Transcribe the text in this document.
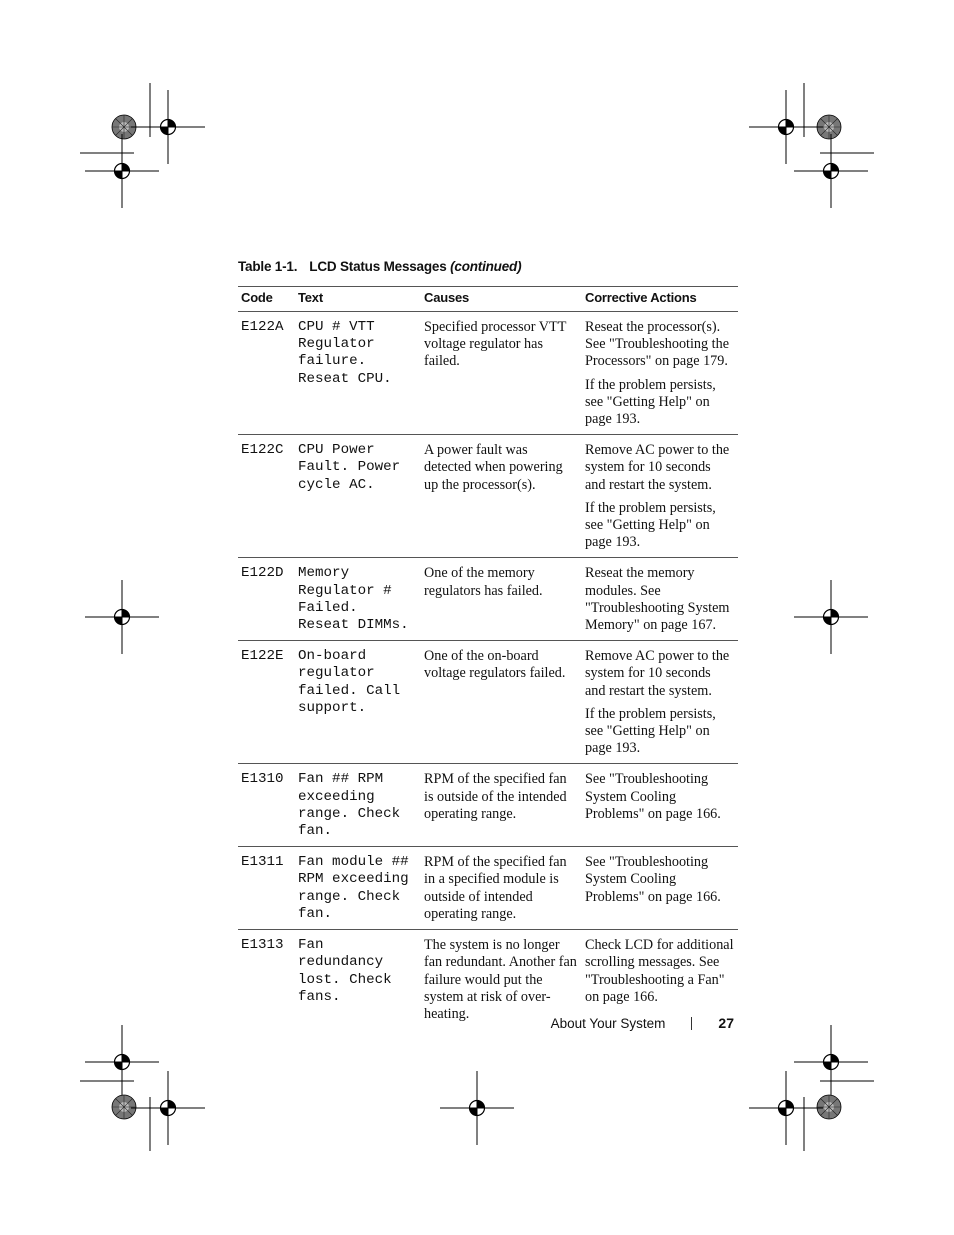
Table 1-1. LCD Status Messages (continued)
Code	Text	Causes	Corrective Actions
E122A	CPU # VTT Regulator failure. Reseat CPU.	Specified processor VTT voltage regulator has failed.	Reseat the processor(s). See "Troubleshooting the Processors" on page 179.

If the problem persists, see "Getting Help" on page 193.

E122C	CPU Power Fault. Power cycle AC.	A power fault was detected when powering up the processor(s).	Remove AC power to the system for 10 seconds and restart the system.

If the problem persists, see "Getting Help" on page 193.

E122D	Memory Regulator # Failed. Reseat DIMMs.	One of the memory regulators has failed.	Reseat the memory modules. See "Troubleshooting System Memory" on page 167.

E122E	On-board regulator failed. Call support.	One of the on-board voltage regulators failed.	Remove AC power to the system for 10 seconds and restart the system.

If the problem persists, see "Getting Help" on page 193.

E1310	Fan ## RPM exceeding range. Check fan.	RPM of the specified fan is outside of the intended operating range.	See "Troubleshooting System Cooling Problems" on page 166.

E1311	Fan module ## RPM exceeding range. Check fan.	RPM of the specified fan in a specified module is outside of intended operating range.	See "Troubleshooting System Cooling Problems" on page 166.

E1313	Fan redundancy lost. Check fans.	The system is no longer fan redundant. Another fan failure would put the system at risk of over-heating.	Check LCD for additional scrolling messages. See "Troubleshooting a Fan" on page 166.

About Your System	27
